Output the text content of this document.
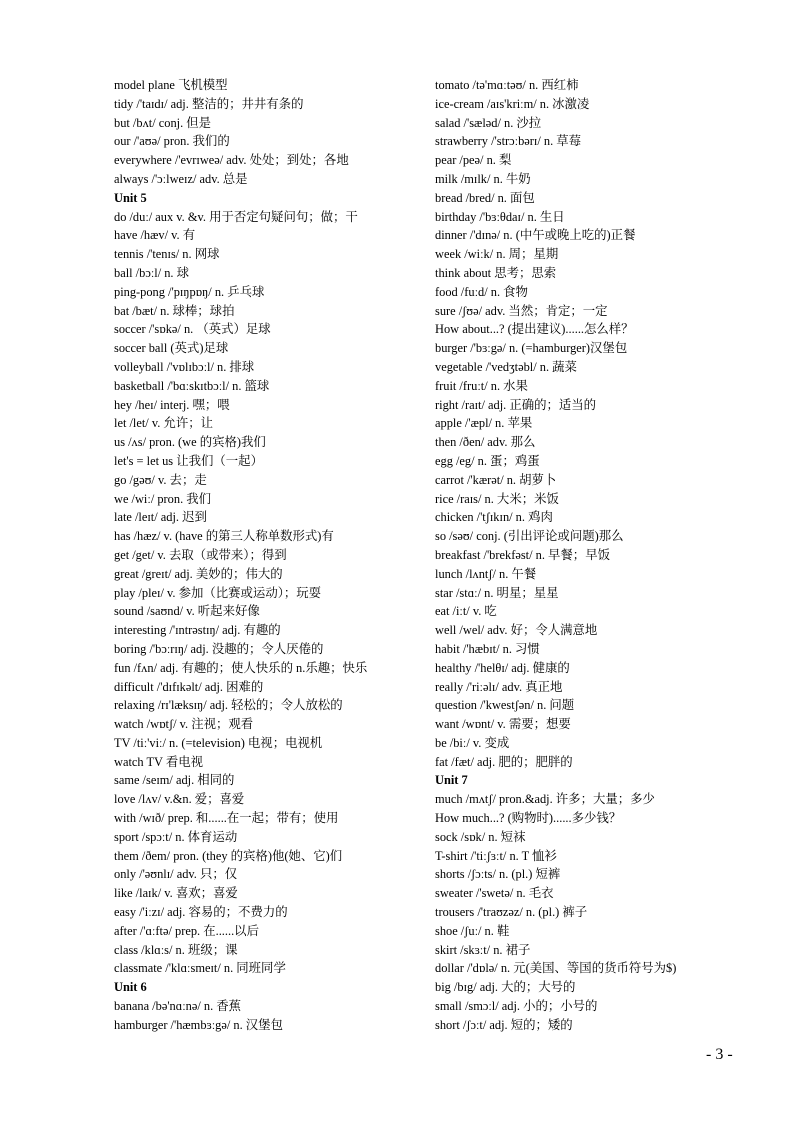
model plane 飞机模型
tidy /'taɪdɪ/ adj. 整洁的；井井有条的
but /bʌt/ conj. 但是
our /'aʊə/ pron. 我们的
everywhere /'evrɪweə/ adv. 处处；到处；各地
always /'ɔːlweɪz/ adv. 总是
Unit 5
do /duː/ aux v. &v. 用于否定句疑问句；做；干
have /hæv/ v. 有
tennis /'tenɪs/ n. 网球
ball /bɔːl/ n. 球
ping-pong /'pɪŋpɒŋ/ n. 乒乓球
bat /bæt/ n. 球棒；球拍
soccer /'sɒkə/ n. （英式）足球
soccer ball (英式)足球
volleyball /'vɒlɪbɔːl/ n. 排球
basketball /'bɑːskɪtbɔːl/ n. 篮球
hey /heɪ/ interj. 嘿；喂
let /let/ v. 允许；让
us /ʌs/ pron. (we 的宾格)我们
let's = let us 让我们（一起）
go /gəʊ/ v. 去；走
we /wiː/ pron. 我们
late /leɪt/ adj. 迟到
has /hæz/ v. (have 的第三人称单数形式)有
get /get/ v. 去取（或带来）；得到
great /greɪt/ adj. 美妙的；伟大的
play /pleɪ/ v. 参加（比赛或运动）；玩耍
sound /saʊnd/ v. 听起来好像
interesting /'ɪntrəstɪŋ/ adj. 有趣的
boring /'bɔːrɪŋ/ adj. 没趣的；令人厌倦的
fun /fʌn/ adj. 有趣的；使人快乐的 n.乐趣；快乐
difficult /'dɪfɪkəlt/ adj. 困难的
relaxing /rɪ'læksɪŋ/ adj. 轻松的；令人放松的
watch /wɒtʃ/ v. 注视；观看
TV /tiː'viː/ n. (=television) 电视；电视机
watch TV 看电视
same /seɪm/ adj. 相同的
love /lʌv/ v.&n. 爱；喜爱
with /wɪð/ prep. 和......在一起；带有；使用
sport /spɔːt/ n. 体育运动
them /ðem/ pron. (they 的宾格)他(她、它)们
only /'əʊnlɪ/ adv. 只；仅
like /laɪk/ v. 喜欢；喜爱
easy /'iːzɪ/ adj. 容易的；不费力的
after /'ɑːftə/ prep. 在......以后
class /klɑːs/ n. 班级；课
classmate /'klɑːsmeɪt/ n. 同班同学
Unit 6
banana /bə'nɑːnə/ n. 香蕉
hamburger /'hæmbɜːgə/ n. 汉堡包
tomato /tə'mɑːtəʊ/ n. 西红柿
ice-cream /aɪs'kriːm/ n. 冰激凌
salad /'sæləd/ n. 沙拉
strawberry /'strɔːbərɪ/ n. 草莓
pear /peə/ n. 梨
milk /mɪlk/ n. 牛奶
bread /bred/ n. 面包
birthday /'bɜːθdaɪ/ n. 生日
dinner /'dɪnə/ n. (中午或晚上吃的)正餐
week /wiːk/ n. 周；星期
think about 思考；思索
food /fuːd/ n. 食物
sure /ʃʊə/ adv. 当然；肯定；一定
How about...? (提出建议)......怎么样？
burger /'bɜːgə/ n. (=hamburger)汉堡包
vegetable /'vedʒtəbl/ n. 蔬菜
fruit /fruːt/ n. 水果
right /raɪt/ adj. 正确的；适当的
apple /'æpl/ n. 苹果
then /ðen/ adv. 那么
egg /eg/ n. 蛋；鸡蛋
carrot /'kærət/ n. 胡萝卜
rice /raɪs/ n. 大米；米饭
chicken /'tʃɪkɪn/ n. 鸡肉
so /səʊ/ conj. (引出评论或问题)那么
breakfast /'brekfəst/ n. 早餐；早饭
lunch /lʌntʃ/ n. 午餐
star /stɑː/ n. 明星；星星
eat /iːt/ v. 吃
well /wel/ adv. 好；令人满意地
habit /'hæbɪt/ n. 习惯
healthy /'helθɪ/ adj. 健康的
really /'riːəlɪ/ adv. 真正地
question /'kwestʃən/ n. 问题
want /wɒnt/ v. 需要；想要
be /biː/ v. 变成
fat /fæt/ adj. 肥的；肥胖的
Unit 7
much /mʌtʃ/ pron.&adj. 许多；大量；多少
How much...? (购物时)......多少钱？
sock /sɒk/ n. 短袜
T-shirt /'tiːʃɜːt/ n. T 恤衫
shorts /ʃɔːts/ n. (pl.) 短裤
sweater /'swetə/ n. 毛衣
trousers /'traʊzəz/ n. (pl.) 裤子
shoe /ʃuː/ n. 鞋
skirt /skɜːt/ n. 裙子
dollar /'dɒlə/ n. 元(美国、等国的货币符号为$)
big /bɪg/ adj. 大的；大号的
small /smɔːl/ adj. 小的；小号的
short /ʃɔːt/ adj. 短的；矮的
- 3 -
